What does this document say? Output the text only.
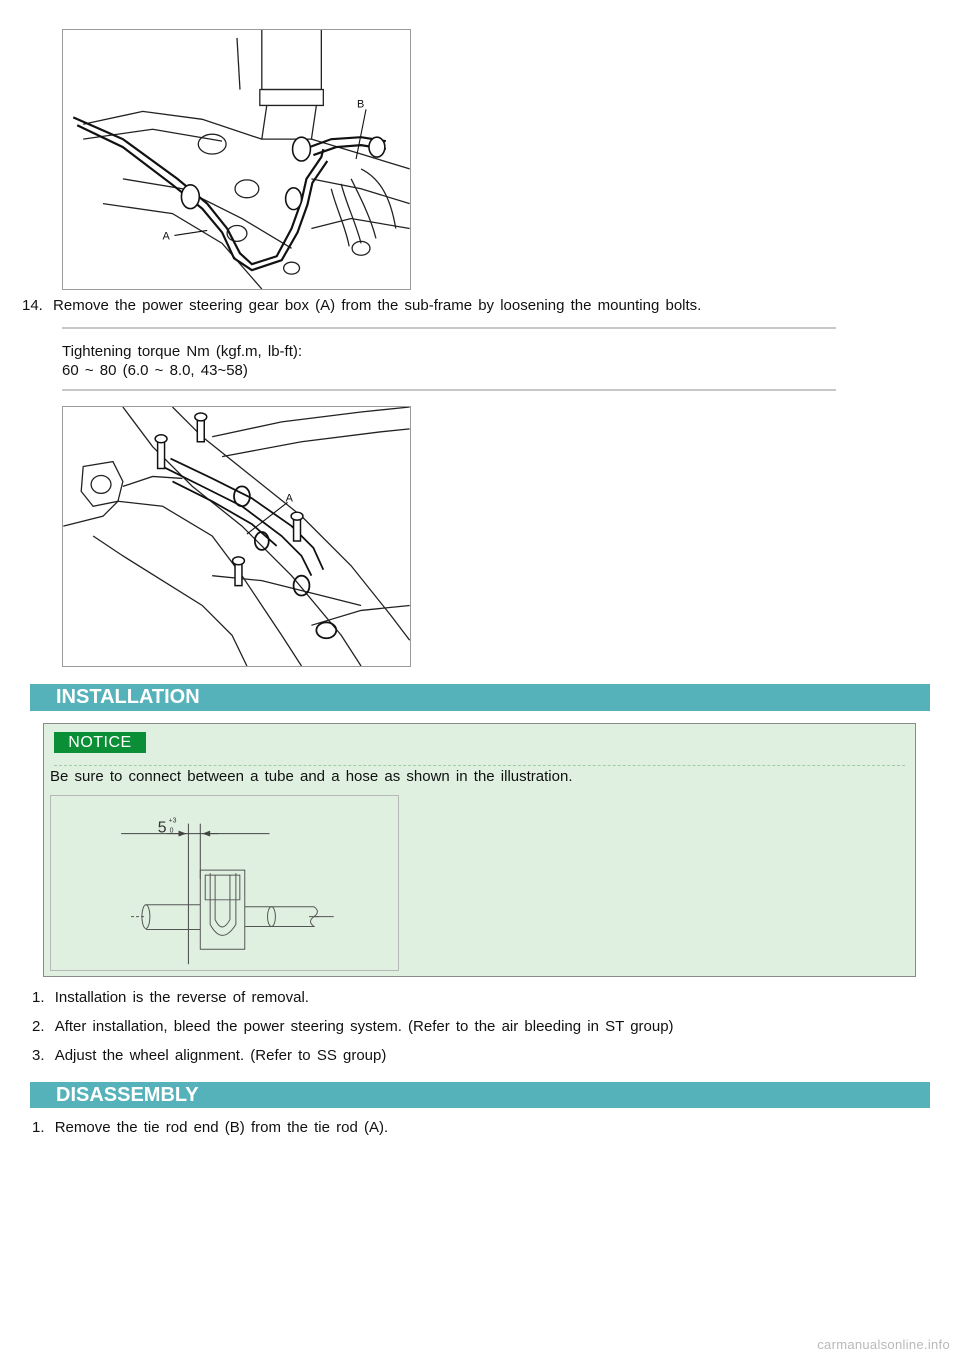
B
A
14. Remove the power steering gear box (A) from the sub-frame by loosening the mounting bolts.
Tightening torque Nm (kgf.m, lb-ft):
60 ~ 80 (6.0 ~ 8.0, 43~58)
A
INSTALLATION
NOTICE
Be sure to connect between a tube and a hose as shown in the illustration.
5 +3
0
1. Installation is the reverse of removal.
2. After installation, bleed the power steering system. (Refer to the air bleeding in ST group)
3. Adjust the wheel alignment. (Refer to SS group)
DISASSEMBLY
1. Remove the tie rod end (B) from the tie rod (A).
carmanualsonline.info
